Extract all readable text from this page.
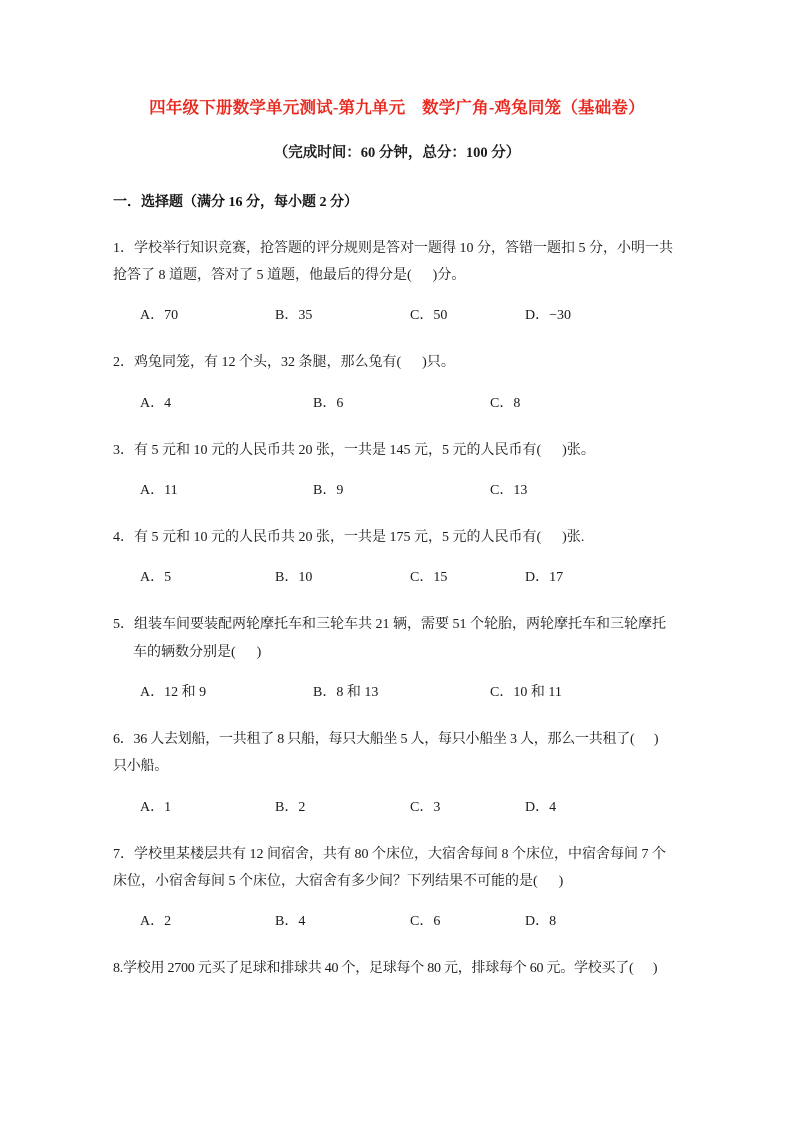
四年级下册数学单元测试-第九单元　数学广角-鸡兔同笼（基础卷）

（完成时间：60 分钟，总分：100 分）

一．选择题（满分 16 分，每小题 2 分）
1．学校举行知识竞赛，抢答题的评分规则是答对一题得 10 分，答错一题扣 5 分，小明一共
抢答了 8 道题，答对了 5 道题，他最后的得分是(      )分。
A．70	B．35	C．50	D．−30
2．鸡兔同笼，有 12 个头，32 条腿，那么兔有(      )只。
A．4	B．6	C．8
3．有 5 元和 10 元的人民币共 20 张，一共是 145 元，5 元的人民币有(      )张。
A．11	B．9	C．13
4．有 5 元和 10 元的人民币共 20 张，一共是 175 元，5 元的人民币有(      )张.
A．5	B．10	C．15	D．17
5．组装车间要装配两轮摩托车和三轮车共 21 辆，需要 51 个轮胎，两轮摩托车和三轮摩托
车的辆数分别是(      )
A．12 和 9	B．8 和 13	C．10 和 11
6．36 人去划船，一共租了 8 只船，每只大船坐 5 人，每只小船坐 3 人，那么一共租了(      )
只小船。
A．1	B．2	C．3	D．4
7．学校里某楼层共有 12 间宿舍，共有 80 个床位，大宿舍每间 8 个床位，中宿舍每间 7 个
床位，小宿舍每间 5 个床位，大宿舍有多少间？下列结果不可能的是(      )
A．2	B．4	C．6	D．8
8.学校用 2700 元买了足球和排球共 40 个，足球每个 80 元，排球每个 60 元。学校买了(      )
